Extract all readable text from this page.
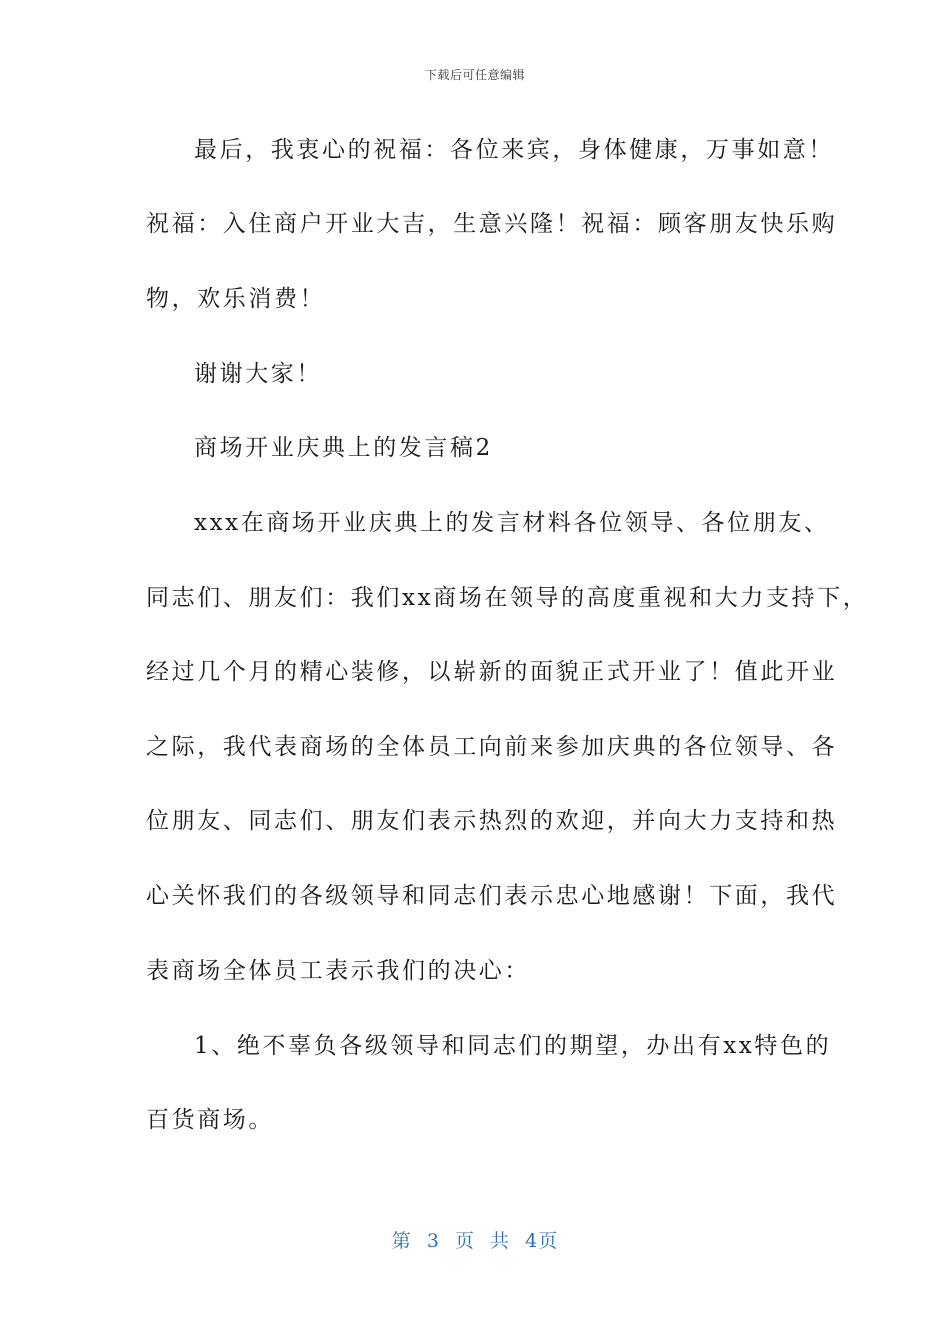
下载后可任意编辑
最后，我衷心的祝福：各位来宾，身体健康，万事如意！
祝福：入住商户开业大吉，生意兴隆！祝福：顾客朋友快乐购
物，欢乐消费！
谢谢大家！
商场开业庆典上的发言稿2
xxx在商场开业庆典上的发言材料各位领导、各位朋友、
同志们、朋友们：我们xx商场在领导的高度重视和大力支持下，
经过几个月的精心装修，以崭新的面貌正式开业了！值此开业
之际，我代表商场的全体员工向前来参加庆典的各位领导、各
位朋友、同志们、朋友们表示热烈的欢迎，并向大力支持和热
心关怀我们的各级领导和同志们表示忠心地感谢！下面，我代
表商场全体员工表示我们的决心：
1、绝不辜负各级领导和同志们的期望，办出有xx特色的
百货商场。
第 3 页 共 4页
